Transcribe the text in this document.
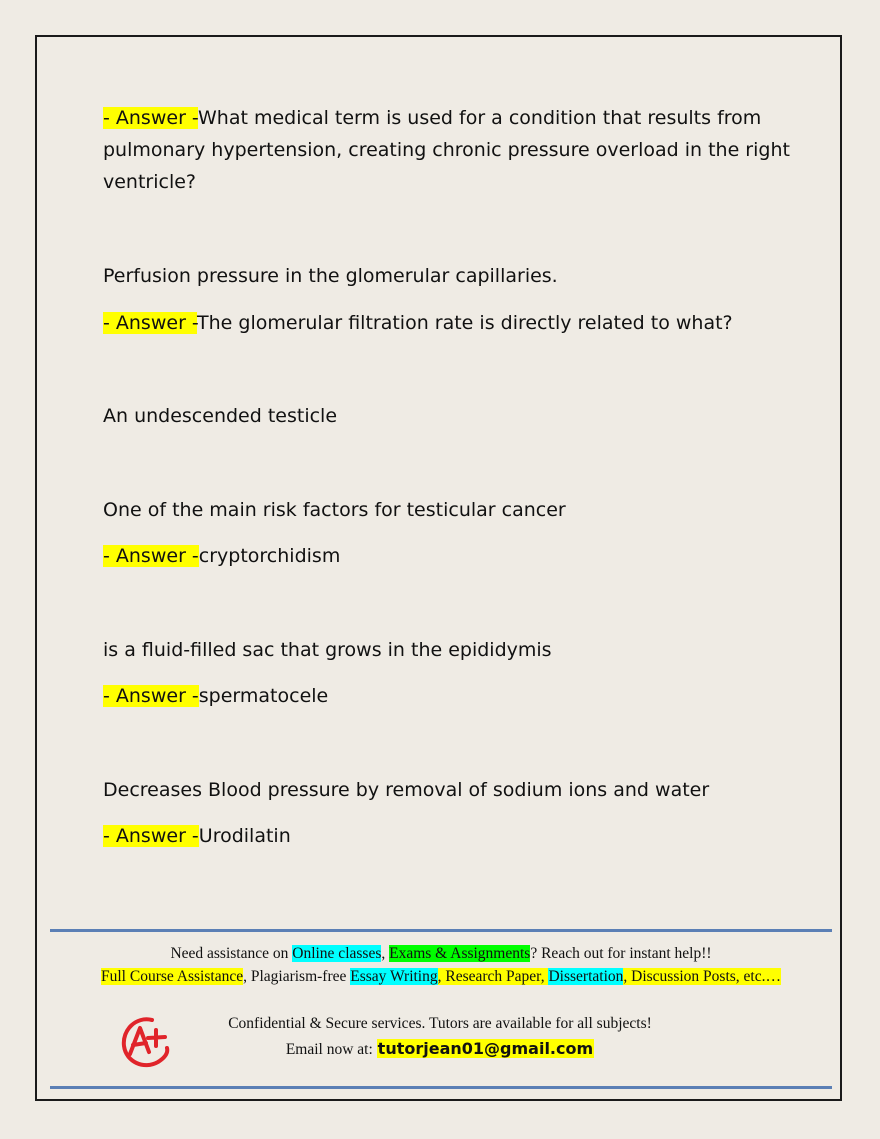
- Answer -What medical term is used for a condition that results from pulmonary hypertension, creating chronic pressure overload in the right ventricle?

Perfusion pressure in the glomerular capillaries.

- Answer -The glomerular filtration rate is directly related to what?

An undescended testicle

One of the main risk factors for testicular cancer

- Answer -cryptorchidism

is a fluid-filled sac that grows in the epididymis

- Answer -spermatocele

Decreases Blood pressure by removal of sodium ions and water

- Answer -Urodilatin

Need assistance on Online classes, Exams & Assignments? Reach out for instant help!!
Full Course Assistance, Plagiarism-free Essay Writing, Research Paper, Dissertation, Discussion Posts, etc.…
Confidential & Secure services. Tutors are available for all subjects!
Email now at: tutorjean01@gmail.com
